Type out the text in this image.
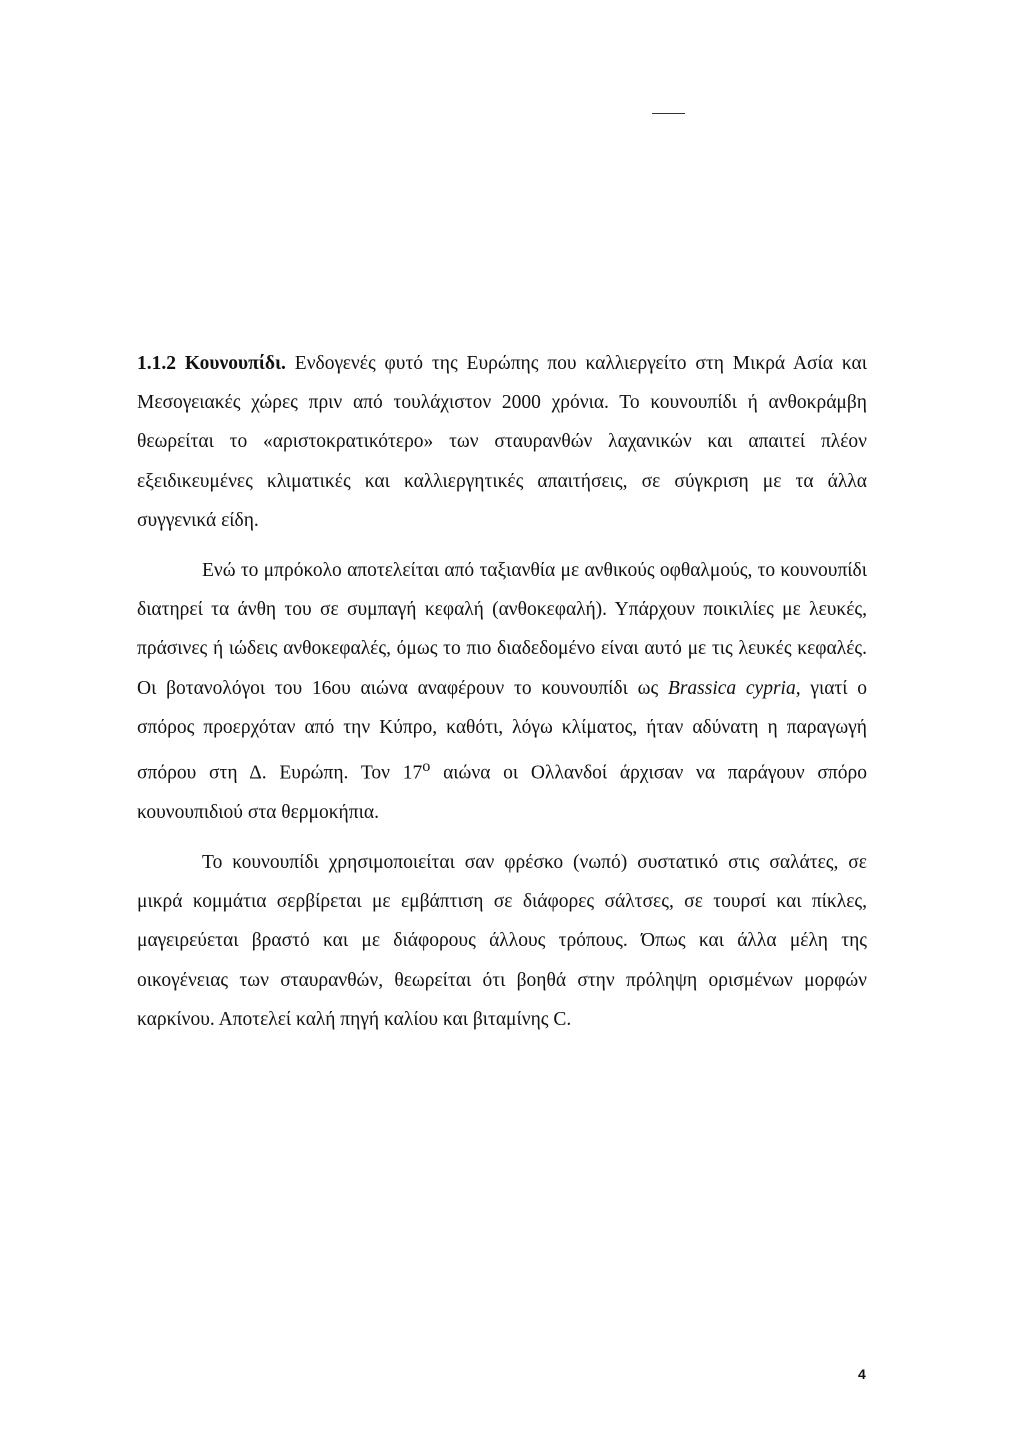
1.1.2 Κουνουπίδι. Ενδογενές φυτό της Ευρώπης που καλλιεργείτο στη Μικρά Ασία και Μεσογειακές χώρες πριν από τουλάχιστον 2000 χρόνια. Το κουνουπίδι ή ανθοκράμβη θεωρείται το «αριστοκρατικότερο» των σταυρανθών λαχανικών και απαιτεί πλέον εξειδικευμένες κλιματικές και καλλιεργητικές απαιτήσεις, σε σύγκριση με τα άλλα συγγενικά είδη.

Ενώ το μπρόκολο αποτελείται από ταξιανθία με ανθικούς οφθαλμούς, το κουνουπίδι διατηρεί τα άνθη του σε συμπαγή κεφαλή (ανθοκεφαλή). Υπάρχουν ποικιλίες με λευκές, πράσινες ή ιώδεις ανθοκεφαλές, όμως το πιο διαδεδομένο είναι αυτό με τις λευκές κεφαλές. Οι βοτανολόγοι του 16ου αιώνα αναφέρουν το κουνουπίδι ως Brassica cypria, γιατί ο σπόρος προερχόταν από την Κύπρο, καθότι, λόγω κλίματος, ήταν αδύνατη η παραγωγή σπόρου στη Δ. Ευρώπη. Τον $17^o$ αιώνα οι Ολλανδοί άρχισαν να παράγουν σπόρο κουνουπιδιού στα θερμοκήπια.

Το κουνουπίδι χρησιμοποιείται σαν φρέσκο (νωπό) συστατικό στις σαλάτες, σε μικρά κομμάτια σερβίρεται με εμβάπτιση σε διάφορες σάλτσες, σε τουρσί και πίκλες, μαγειρεύεται βραστό και με διάφορους άλλους τρόπους. Όπως και άλλα μέλη της οικογένειας των σταυρανθών, θεωρείται ότι βοηθά στην πρόληψη ορισμένων μορφών καρκίνου. Αποτελεί καλή πηγή καλίου και βιταμίνης C.

4
